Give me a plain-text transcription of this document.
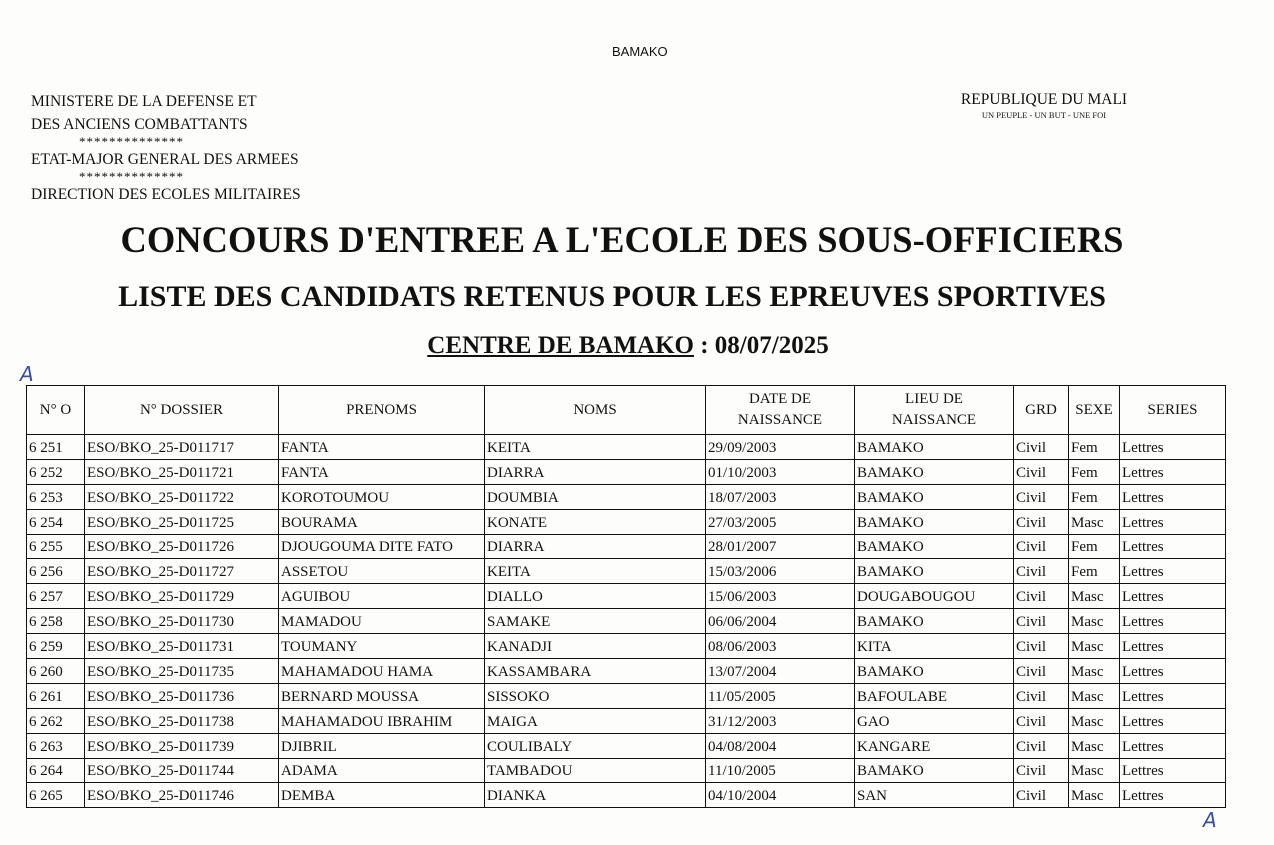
BAMAKO
MINISTERE DE LA DEFENSE ET
DES ANCIENS COMBATTANTS
**************
ETAT-MAJOR GENERAL DES ARMEES
**************
DIRECTION DES ECOLES MILITAIRES
REPUBLIQUE DU MALI
UN PEUPLE - UN BUT - UNE FOI
CONCOURS D'ENTREE A L'ECOLE DES SOUS-OFFICIERS
LISTE DES CANDIDATS RETENUS POUR LES EPREUVES SPORTIVES
CENTRE DE BAMAKO : 08/07/2025
A
A
N° O	N° DOSSIER	PRENOMS	NOMS	DATE DE NAISSANCE	LIEU DE NAISSANCE	GRD	SEXE	SERIES
6 251	ESO/BKO_25-D011717	FANTA	KEITA	29/09/2003	BAMAKO	Civil	Fem	Lettres
6 252	ESO/BKO_25-D011721	FANTA	DIARRA	01/10/2003	BAMAKO	Civil	Fem	Lettres
6 253	ESO/BKO_25-D011722	KOROTOUMOU	DOUMBIA	18/07/2003	BAMAKO	Civil	Fem	Lettres
6 254	ESO/BKO_25-D011725	BOURAMA	KONATE	27/03/2005	BAMAKO	Civil	Masc	Lettres
6 255	ESO/BKO_25-D011726	DJOUGOUMA DITE FATO	DIARRA	28/01/2007	BAMAKO	Civil	Fem	Lettres
6 256	ESO/BKO_25-D011727	ASSETOU	KEITA	15/03/2006	BAMAKO	Civil	Fem	Lettres
6 257	ESO/BKO_25-D011729	AGUIBOU	DIALLO	15/06/2003	DOUGABOUGOU	Civil	Masc	Lettres
6 258	ESO/BKO_25-D011730	MAMADOU	SAMAKE	06/06/2004	BAMAKO	Civil	Masc	Lettres
6 259	ESO/BKO_25-D011731	TOUMANY	KANADJI	08/06/2003	KITA	Civil	Masc	Lettres
6 260	ESO/BKO_25-D011735	MAHAMADOU HAMA	KASSAMBARA	13/07/2004	BAMAKO	Civil	Masc	Lettres
6 261	ESO/BKO_25-D011736	BERNARD MOUSSA	SISSOKO	11/05/2005	BAFOULABE	Civil	Masc	Lettres
6 262	ESO/BKO_25-D011738	MAHAMADOU IBRAHIM	MAIGA	31/12/2003	GAO	Civil	Masc	Lettres
6 263	ESO/BKO_25-D011739	DJIBRIL	COULIBALY	04/08/2004	KANGARE	Civil	Masc	Lettres
6 264	ESO/BKO_25-D011744	ADAMA	TAMBADOU	11/10/2005	BAMAKO	Civil	Masc	Lettres
6 265	ESO/BKO_25-D011746	DEMBA	DIANKA	04/10/2004	SAN	Civil	Masc	Lettres
